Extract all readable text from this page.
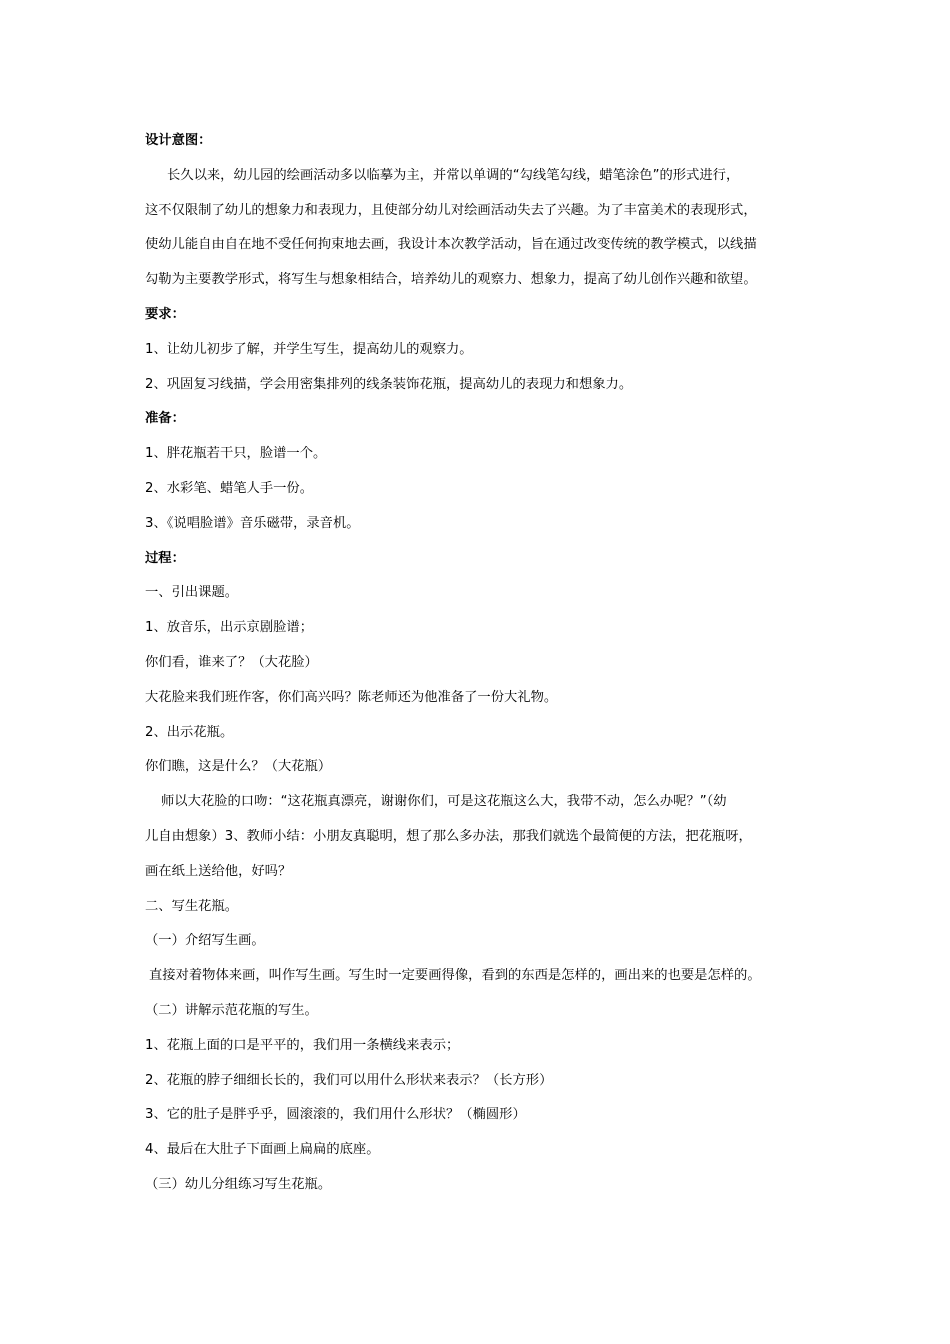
设计意图：
长久以来，幼儿园的绘画活动多以临摹为主，并常以单调的“勾线笔勾线，蜡笔涂色”的形式进行，
这不仅限制了幼儿的想象力和表现力，且使部分幼儿对绘画活动失去了兴趣。为了丰富美术的表现形式，
使幼儿能自由自在地不受任何拘束地去画，我设计本次教学活动，旨在通过改变传统的教学模式，以线描
勾勒为主要教学形式，将写生与想象相结合，培养幼儿的观察力、想象力，提高了幼儿创作兴趣和欲望。
要求：
1、让幼儿初步了解，并学生写生，提高幼儿的观察力。
2、巩固复习线描，学会用密集排列的线条装饰花瓶，提高幼儿的表现力和想象力。
准备：
1、胖花瓶若干只，脸谱一个。
2、水彩笔、蜡笔人手一份。
3、《说唱脸谱》音乐磁带，录音机。
过程：
一、引出课题。
1、放音乐，出示京剧脸谱；
你们看，谁来了？（大花脸）
大花脸来我们班作客，你们高兴吗？陈老师还为他准备了一份大礼物。
2、出示花瓶。
你们瞧，这是什么？（大花瓶）
师以大花脸的口吻：“这花瓶真漂亮，谢谢你们，可是这花瓶这么大，我带不动，怎么办呢？”（幼
儿自由想象）3、教师小结：小朋友真聪明，想了那么多办法，那我们就选个最简便的方法，把花瓶呀，
画在纸上送给他，好吗？
二、写生花瓶。
（一）介绍写生画。
直接对着物体来画，叫作写生画。写生时一定要画得像，看到的东西是怎样的，画出来的也要是怎样的。
（二）讲解示范花瓶的写生。
1、花瓶上面的口是平平的，我们用一条横线来表示；
2、花瓶的脖子细细长长的，我们可以用什么形状来表示？（长方形）
3、它的肚子是胖乎乎，圆滚滚的，我们用什么形状？（椭圆形）
4、最后在大肚子下面画上扁扁的底座。
（三）幼儿分组练习写生花瓶。
